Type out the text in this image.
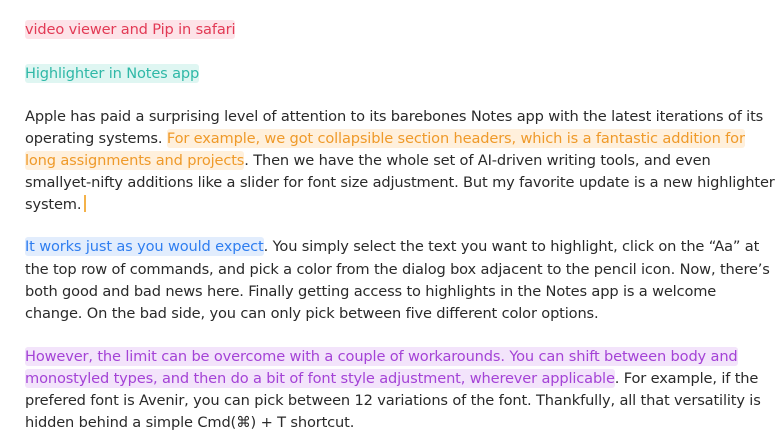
video viewer and Pip in safari
Highlighter in Notes app
Apple has paid a surprising level of attention to its barebones Notes app with the latest iterations of its
operating systems. For example, we got collapsible section headers, which is a fantastic addition for
long assignments and projects. Then we have the whole set of AI-driven writing tools, and even
smallyet-nifty additions like a slider for font size adjustment. But my favorite update is a new highlighter
system.
It works just as you would expect. You simply select the text you want to highlight, click on the “Aa” at
the top row of commands, and pick a color from the dialog box adjacent to the pencil icon. Now, there’s
both good and bad news here. Finally getting access to highlights in the Notes app is a welcome
change. On the bad side, you can only pick between five different color options.
However, the limit can be overcome with a couple of workarounds. You can shift between body and
monostyled types, and then do a bit of font style adjustment, wherever applicable. For example, if the
prefered font is Avenir, you can pick between 12 variations of the font. Thankfully, all that versatility is
hidden behind a simple Cmd(⌘) + T shortcut.
